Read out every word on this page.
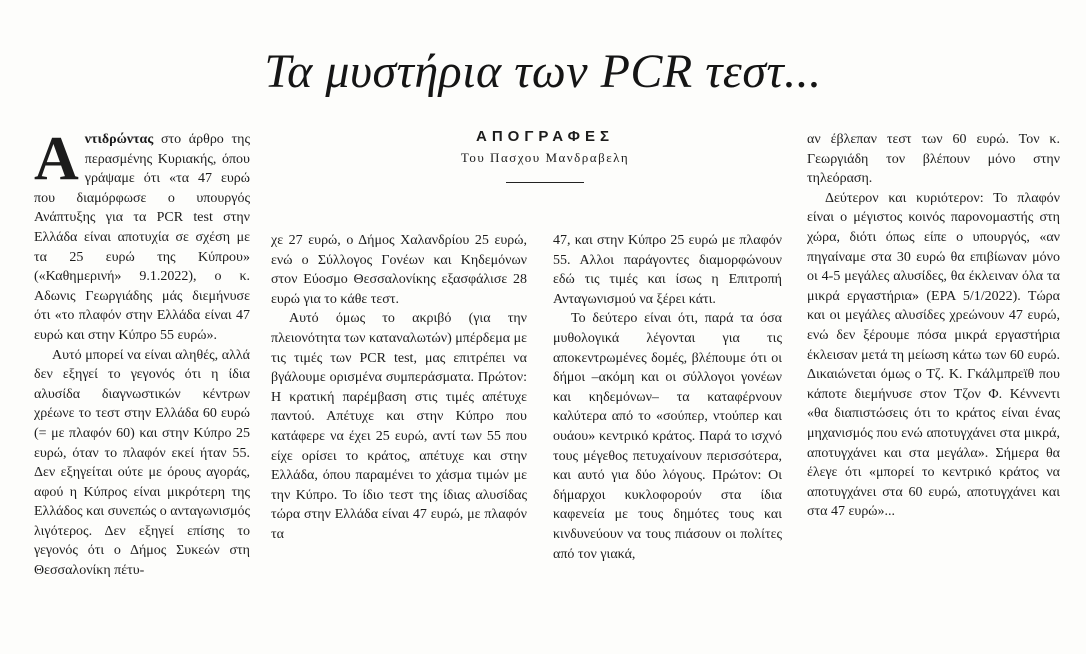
Τα μυστήρια των PCR τεστ...
ΑΠΟΓΡΑΦΕΣ
Του Πασχου Μανδραβελη

Αντιδρώντας στο άρθρο της περασμένης Κυριακής, όπου γράψαμε ότι «τα 47 ευρώ που διαμόρφωσε ο υπουργός Ανάπτυξης για τα PCR test στην Ελλάδα είναι αποτυχία σε σχέση με τα 25 ευρώ της Κύπρου» («Καθημερινή» 9.1.2022), ο κ. Αδωνις Γεωργιάδης μάς διεμήνυσε ότι «το πλαφόν στην Ελλάδα είναι 47 ευρώ και στην Κύπρο 55 ευρώ».

Αυτό μπορεί να είναι αληθές, αλλά δεν εξηγεί το γεγονός ότι η ίδια αλυσίδα διαγνωστικών κέντρων χρέωνε το τεστ στην Ελλάδα 60 ευρώ (= με πλαφόν 60) και στην Κύπρο 25 ευρώ, όταν το πλαφόν εκεί ήταν 55. Δεν εξηγείται ούτε με όρους αγοράς, αφού η Κύπρος είναι μικρότερη της Ελλάδος και συνεπώς ο ανταγωνισμός λιγότερος. Δεν εξηγεί επίσης το γεγονός ότι ο Δήμος Συκεών στη Θεσσαλονίκη πέτυ-

χε 27 ευρώ, ο Δήμος Χαλανδρίου 25 ευρώ, ενώ ο Σύλλογος Γονέων και Κηδεμόνων στον Εύοσμο Θεσσαλονίκης εξασφάλισε 28 ευρώ για το κάθε τεστ.

Αυτό όμως το ακριβό (για την πλειονότητα των καταναλωτών) μπέρδεμα με τις τιμές των PCR test, μας επιτρέπει να βγάλουμε ορισμένα συμπεράσματα. Πρώτον: Η κρατική παρέμβαση στις τιμές απέτυχε παντού. Απέτυχε και στην Κύπρο που κατάφερε να έχει 25 ευρώ, αντί των 55 που είχε ορίσει το κράτος, απέτυχε και στην Ελλάδα, όπου παραμένει το χάσμα τιμών με την Κύπρο. Το ίδιο τεστ της ίδιας αλυσίδας τώρα στην Ελλάδα είναι 47 ευρώ, με πλαφόν τα

47, και στην Κύπρο 25 ευρώ με πλαφόν 55. Αλλοι παράγοντες διαμορφώνουν εδώ τις τιμές και ίσως η Επιτροπή Ανταγωνισμού να ξέρει κάτι.

Το δεύτερο είναι ότι, παρά τα όσα μυθολογικά λέγονται για τις αποκεντρωμένες δομές, βλέπουμε ότι οι δήμοι –ακόμη και οι σύλλογοι γονέων και κηδεμόνων– τα καταφέρνουν καλύτερα από το «σούπερ, ντούπερ και ουάου» κεντρικό κράτος. Παρά το ισχνό τους μέγεθος πετυχαίνουν περισσότερα, και αυτό για δύο λόγους. Πρώτον: Οι δήμαρχοι κυκλοφορούν στα ίδια καφενεία με τους δημότες τους και κινδυνεύουν να τους πιάσουν οι πολίτες από τον γιακά,

αν έβλεπαν τεστ των 60 ευρώ. Τον κ. Γεωργιάδη τον βλέπουν μόνο στην τηλεόραση.

Δεύτερον και κυριότερον: Το πλαφόν είναι ο μέγιστος κοινός παρονομαστής στη χώρα, διότι όπως είπε ο υπουργός, «αν πηγαίναμε στα 30 ευρώ θα επιβίωναν μόνο οι 4-5 μεγάλες αλυσίδες, θα έκλειναν όλα τα μικρά εργαστήρια» (ΕΡΑ 5/1/2022). Τώρα και οι μεγάλες αλυσίδες χρεώνουν 47 ευρώ, ενώ δεν ξέρουμε πόσα μικρά εργαστήρια έκλεισαν μετά τη μείωση κάτω των 60 ευρώ. Δικαιώνεται όμως ο Τζ. Κ. Γκάλμπρεϊθ που κάποτε διεμήνυσε στον Τζον Φ. Κέννεντι «θα διαπιστώσεις ότι το κράτος είναι ένας μηχανισμός που ενώ αποτυγχάνει στα μικρά, αποτυγχάνει και στα μεγάλα». Σήμερα θα έλεγε ότι «μπορεί το κεντρικό κράτος να αποτυγχάνει στα 60 ευρώ, αποτυγχάνει και στα 47 ευρώ»...
